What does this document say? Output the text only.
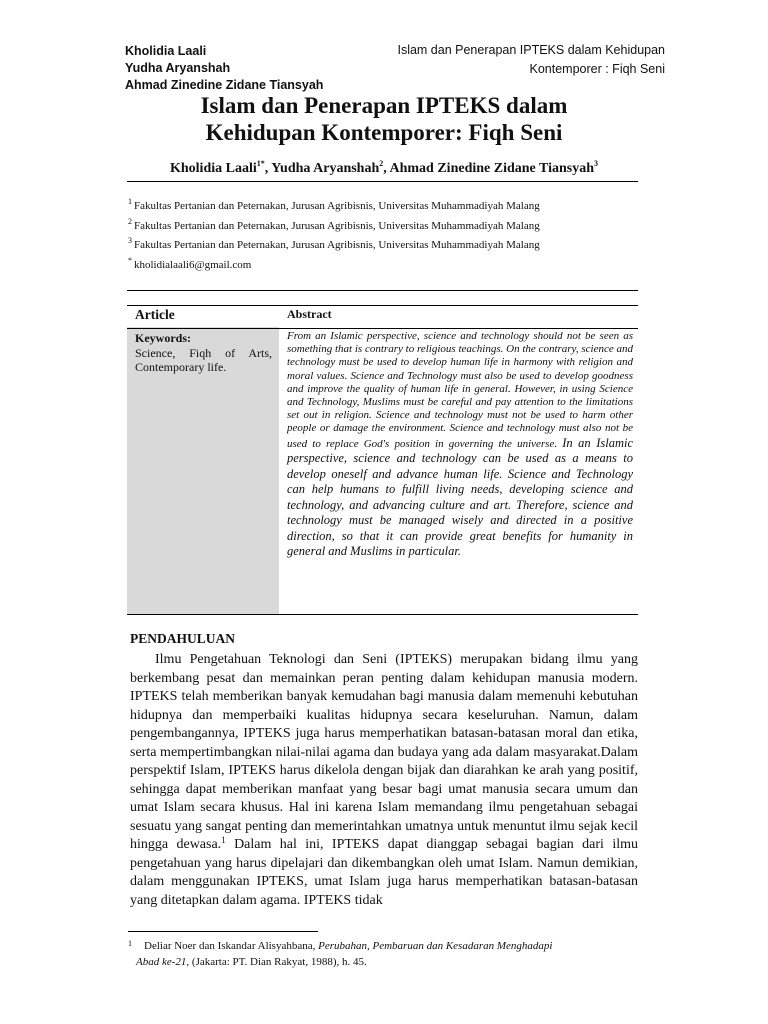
Kholidia Laali
Yudha Aryanshah
Ahmad Zinedine Zidane Tiansyah
Islam dan Penerapan IPTEKS dalam Kehidupan
Kontemporer : Fiqh Seni
Islam dan Penerapan IPTEKS dalam
Kehidupan Kontemporer: Fiqh Seni
Kholidia Laali$^{1*}$, Yudha Aryanshah$^2$, Ahmad Zinedine Zidane Tiansyah$^3$
$^1$ Fakultas Pertanian dan Peternakan, Jurusan Agribisnis, Universitas Muhammadiyah Malang
$^2$ Fakultas Pertanian dan Peternakan, Jurusan Agribisnis, Universitas Muhammadiyah Malang
$^3$ Fakultas Pertanian dan Peternakan, Jurusan Agribisnis, Universitas Muhammadiyah Malang
* kholidialaali6@gmail.com
Article	Abstract
Keywords:
Science, Fiqh of Arts,
Contemporary life.
From an Islamic perspective, science and technology should not be seen as something that is contrary to religious teachings. On the contrary, science and technology must be used to develop human life in harmony with religion and moral values. Science and Technology must also be used to develop goodness and improve the quality of human life in general. However, in using Science and Technology, Muslims must be careful and pay attention to the limitations set out in religion. Science and technology must not be used to harm other people or damage the environment. Science and technology must also not be used to replace God's position in governing the universe. In an Islamic perspective, science and technology can be used as a means to develop oneself and advance human life. Science and Technology can help humans to fulfill living needs, developing science and technology, and advancing culture and art. Therefore, science and technology must be managed wisely and directed in a positive direction, so that it can provide great benefits for humanity in general and Muslims in particular.
PENDAHULUAN
Ilmu Pengetahuan Teknologi dan Seni (IPTEKS) merupakan bidang ilmu yang berkembang pesat dan memainkan peran penting dalam kehidupan manusia modern. IPTEKS telah memberikan banyak kemudahan bagi manusia dalam memenuhi kebutuhan hidupnya dan memperbaiki kualitas hidupnya secara keseluruhan. Namun, dalam pengembangannya, IPTEKS juga harus memperhatikan batasan-batasan moral dan etika, serta mempertimbangkan nilai-nilai agama dan budaya yang ada dalam masyarakat.Dalam perspektif Islam, IPTEKS harus dikelola dengan bijak dan diarahkan ke arah yang positif, sehingga dapat memberikan manfaat yang besar bagi umat manusia secara umum dan umat Islam secara khusus. Hal ini karena Islam memandang ilmu pengetahuan sebagai sesuatu yang sangat penting dan memerintahkan umatnya untuk menuntut ilmu sejak kecil hingga dewasa.$^1$ Dalam hal ini, IPTEKS dapat dianggap sebagai bagian dari ilmu pengetahuan yang harus dipelajari dan dikembangkan oleh umat Islam. Namun demikian, dalam menggunakan IPTEKS, umat Islam juga harus memperhatikan batasan-batasan yang ditetapkan dalam agama. IPTEKS tidak
1 Deliar Noer dan Iskandar Alisyahbana, Perubahan, Pembaruan dan Kesadaran Menghadapi
Abad ke-21, (Jakarta: PT. Dian Rakyat, 1988), h. 45.
